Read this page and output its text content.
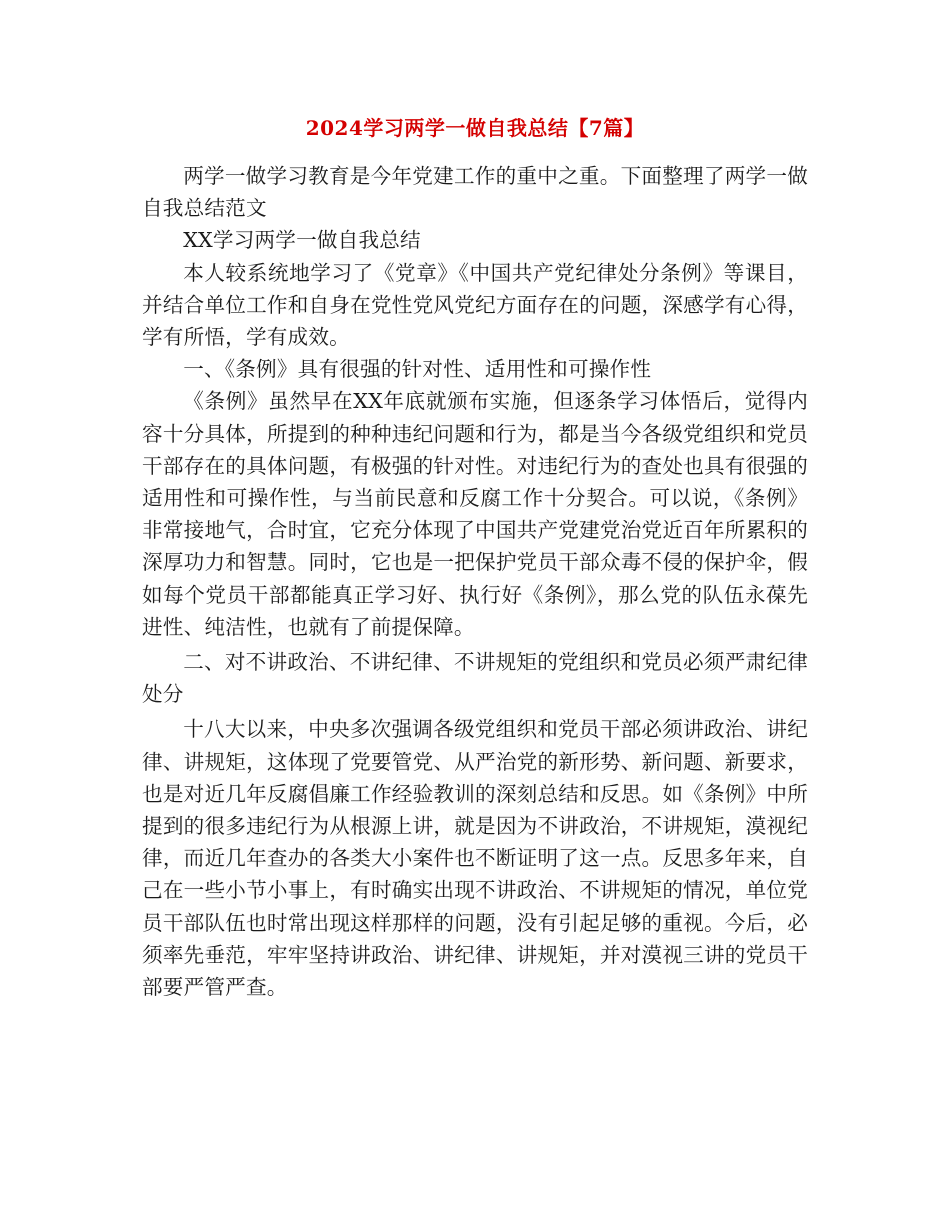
2024学习两学一做自我总结【7篇】

两学一做学习教育是今年党建工作的重中之重。下面整理了两学一做自我总结范文

XX学习两学一做自我总结

本人较系统地学习了《党章》《中国共产党纪律处分条例》等课目，并结合单位工作和自身在党性党风党纪方面存在的问题，深感学有心得，学有所悟，学有成效。

一、《条例》具有很强的针对性、适用性和可操作性

《条例》虽然早在XX年底就颁布实施，但逐条学习体悟后，觉得内容十分具体，所提到的种种违纪问题和行为，都是当今各级党组织和党员干部存在的具体问题，有极强的针对性。对违纪行为的查处也具有很强的适用性和可操作性，与当前民意和反腐工作十分契合。可以说，《条例》非常接地气，合时宜，它充分体现了中国共产党建党治党近百年所累积的深厚功力和智慧。同时，它也是一把保护党员干部众毒不侵的保护伞，假如每个党员干部都能真正学习好、执行好《条例》，那么党的队伍永葆先进性、纯洁性，也就有了前提保障。

二、对不讲政治、不讲纪律、不讲规矩的党组织和党员必须严肃纪律处分

十八大以来，中央多次强调各级党组织和党员干部必须讲政治、讲纪律、讲规矩，这体现了党要管党、从严治党的新形势、新问题、新要求，也是对近几年反腐倡廉工作经验教训的深刻总结和反思。如《条例》中所提到的很多违纪行为从根源上讲，就是因为不讲政治，不讲规矩，漠视纪律，而近几年查办的各类大小案件也不断证明了这一点。反思多年来，自己在一些小节小事上，有时确实出现不讲政治、不讲规矩的情况，单位党员干部队伍也时常出现这样那样的问题，没有引起足够的重视。今后，必须率先垂范，牢牢坚持讲政治、讲纪律、讲规矩，并对漠视三讲的党员干部要严管严查。
